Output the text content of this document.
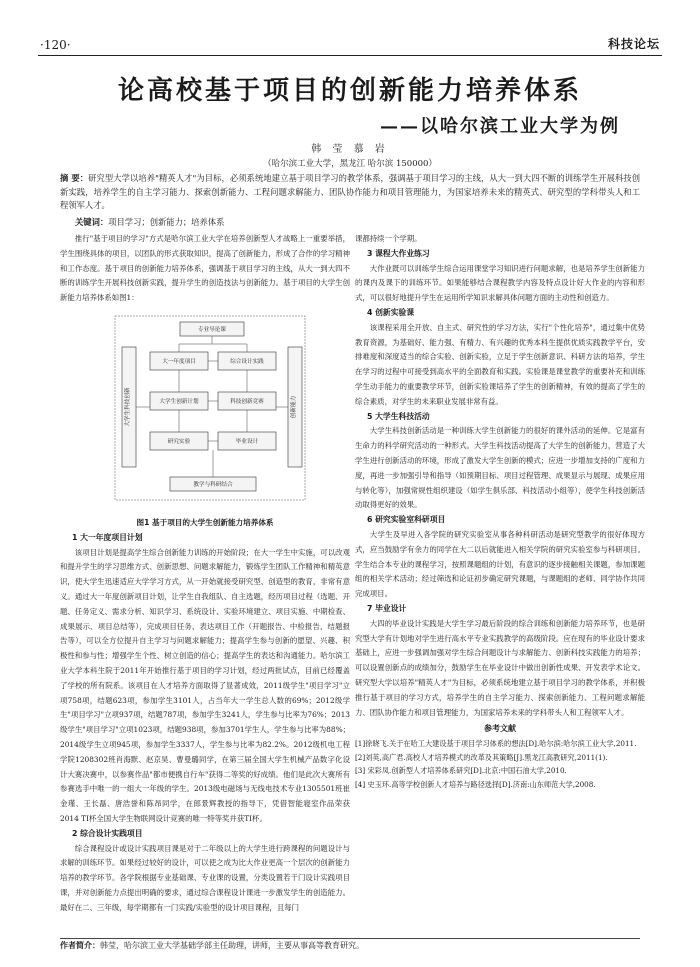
·120·	科技论坛
论高校基于项目的创新能力培养体系
——以哈尔滨工业大学为例
韩 莹 慕 岩
（哈尔滨工业大学，黑龙江 哈尔滨 150000）
摘 要：研究型大学以培养"精英人才"为目标，必须系统地建立基于项目学习的教学体系，强调基于项目学习的主线，从大一到大四不断的训练学生开展科技创新实践，培养学生的自主学习能力、探索创新能力、工程问题求解能力、团队协作能力和项目管理能力，为国家培养未来的精英式、研究型的学科带头人和工程领军人才。
关键词：项目学习；创新能力；培养体系

推行"基于项目的学习"方式是哈尔滨工业大学在培养创新型人才战略上一重要举措，学生围绕具体的项目，以团队的形式获取知识，提高了创新能力，形成了合作的学习精神和工作态度。基于项目的创新能力培养体系，强调基于项目学习的主线，从大一到大四不断的训练学生开展科技创新实践，提升学生的创造技法与创新能力。基于项目的大学生创新能力培养体系如图1：

专业导论课
大学生科技创新	创新能力
大一年度项目	综合设计实践
大学生创新计划	科技创新竞赛
研究实验	毕业设计
教学与科研结合
图1 基于项目的大学生创新能力培养体系
1 大一年度项目计划

该项目计划是提高学生综合创新能力训练的开始阶段；在大一学生中实施，可以改观和提升学生的学习思维方式、创新思想、问题求解能力，锻炼学生团队工作精神和精英意识，使大学生迅速适应大学学习方式，从一开始就接受研究型、创造型的教育，非常有意义。通过大一年度创新项目计划，让学生自我组队、自主选题，经历项目过程（选题、开题、任务定义、需求分析、知识学习、系统设计、实验环境建立、项目实施、中期检查、成果展示、项目总结等），完成项目任务、表达项目工作（开题报告、中检报告、结题报告等），可以全方位提升自主学习与问题求解能力；提高学生参与创新的愿望、兴趣、积极性和参与性；增强学生个性、树立创造的信心；提高学生的表达和沟通能力。哈尔滨工业大学本科生院于2011年开始推行基于项目的学习计划，经过两批试点，目前已经覆盖了学校的所有院系。该项目在人才培养方面取得了显著成效，2011级学生"项目学习"立项758项，结题623项，参加学生3101人，占当年大一学生总人数的69%；2012级学生"项目学习"立项937项，结题787项，参加学生3241人，学生参与比率为76%；2013级学生"项目学习"立项1023项，结题938项，参加3701学生人，学生参与比率为88%；2014级学生立项945项，参加学生3337人，学生参与比率为82.2%。2012级机电工程学院1208302班肖海默、赵京昊、曹曼璐同学，在第三届全国大学生机械产品数字化设计大赛决赛中，以参赛作品"都市便携自行车"获得二等奖的好成绩。他们是此次大赛所有参赛选手中唯一的一组大一年级的学生。2013级电磁场与无线电技术专业1305501班崔金瑾、王长磊、唐浩誉和陈昂同学，在郎景辉教授的指导下，凭借智能寝室作品荣获2014 TI杯全国大学生物联网设计竞赛的唯一特等奖并获TI杯。

2 综合设计实践项目

综合课程设计或设计实践项目课是对于二年级以上的大学生进行跨课程的问题设计与求解的训练环节。如果经过较好的设计，可以使之成为比大作业更高一个层次的创新能力培养的教学环节。各学院根据专业基础课、专业课的设置，分类设置若干门设计实践项目课，并对创新能力点提出明确的要求，通过综合课程设计课进一步激发学生的创造能力。最好在二、三年级，每学期都有一门实践/实验型的设计项目课程，且每门

课都持续一个学期。
3 课程大作业练习

大作业既可以训练学生综合运用课堂学习知识进行问题求解，也是培养学生创新能力的课内及课下的训练环节。如果能够结合课程教学内容及特点设计好大作业的内容和形式，可以很好地提升学生在运用所学知识求解具体问题方面的主动性和创造力。

4 创新实验课

该课程采用全开放、自主式、研究性的学习方法，实行"个性化培养"，通过集中优势教育资源，为基础好、能力强、有精力、有兴趣的优秀本科生提供优质实践教学平台，安排难度和深度适当的综合实验、创新实验，立足于学生创新意识、科研方法的培养，学生在学习的过程中可接受到高水平的全面教育和实践。实验课是课堂教学的重要补充和训练学生动手能力的重要教学环节，创新实验课培养了学生的创新精神，有效的提高了学生的综合素质，对学生的未来职业发展非常有益。

5 大学生科技活动

大学生科技创新活动是一种训练大学生创新能力的很好的课外活动的延伸。它是富有生命力的科学研究活动的一种形式。大学生科技活动提高了大学生的创新能力，营造了大学生进行创新活动的环境，形成了激发大学生创新的模式；应进一步增加支持的广度和力度，再进一步加强引导和指导（如预期目标、项目过程管理、成果显示与展现、成果应用与转化等），加强常规性组织建设（如学生俱乐部、科技活动小组等），使学生科技创新活动取得更好的效果。

6 研究实验室科研项目

大学生及早进入各学院的研究实验室从事各种科研活动是研究型教学的很好体现方式，应当鼓励学有余力的同学在大二以后就能进入相关学院的研究实验室参与科研项目。学生结合本专业的课程学习，按照课题组的计划，有意识的逐步接触相关课题，参加课题组的相关学术活动；经过筛选和论证初步确定研究课题，与课题组的老师、同学协作共同完成项目。

7 毕业设计

大四的毕业设计实践是大学生学习最后阶段的综合训练和创新能力培养环节，也是研究型大学有计划地对学生进行高水平专业实践教学的高级阶段。应在现有的毕业设计要求基础上，应进一步强调加强对学生综合问题设计与求解能力、创新科技实践能力的培养；可以设置创新点的成绩加分，鼓励学生在毕业设计中做出创新性成果、开发表学术论文。研究型大学以培养"精英人才"为目标，必须系统地建立基于项目学习的教学体系，并积极推行基于项目的学习方式，培养学生的自主学习能力、探索创新能力、工程问题求解能力、团队协作能力和项目管理能力，为国家培养未来的学科带头人和工程领军人才。

参考文献
[1]徐晓飞.关于在哈工大建设基于项目学习体系的想法[D].哈尔滨:哈尔滨工业大学,2011.
[2]刘英,高广君.高校人才培养模式的改革及其策略[J].黑龙江高教研究,2011(1).
[3] 宋彩凤.创新型人才培养体系研究[D].北京:中国石油大学,2010.
[4] 史玉环.高等学校创新人才培养与路径选择[D].济南:山东师范大学,2008.
作者简介：韩莹，哈尔滨工业大学基础学部主任助理，讲师，主要从事高等教育研究。
